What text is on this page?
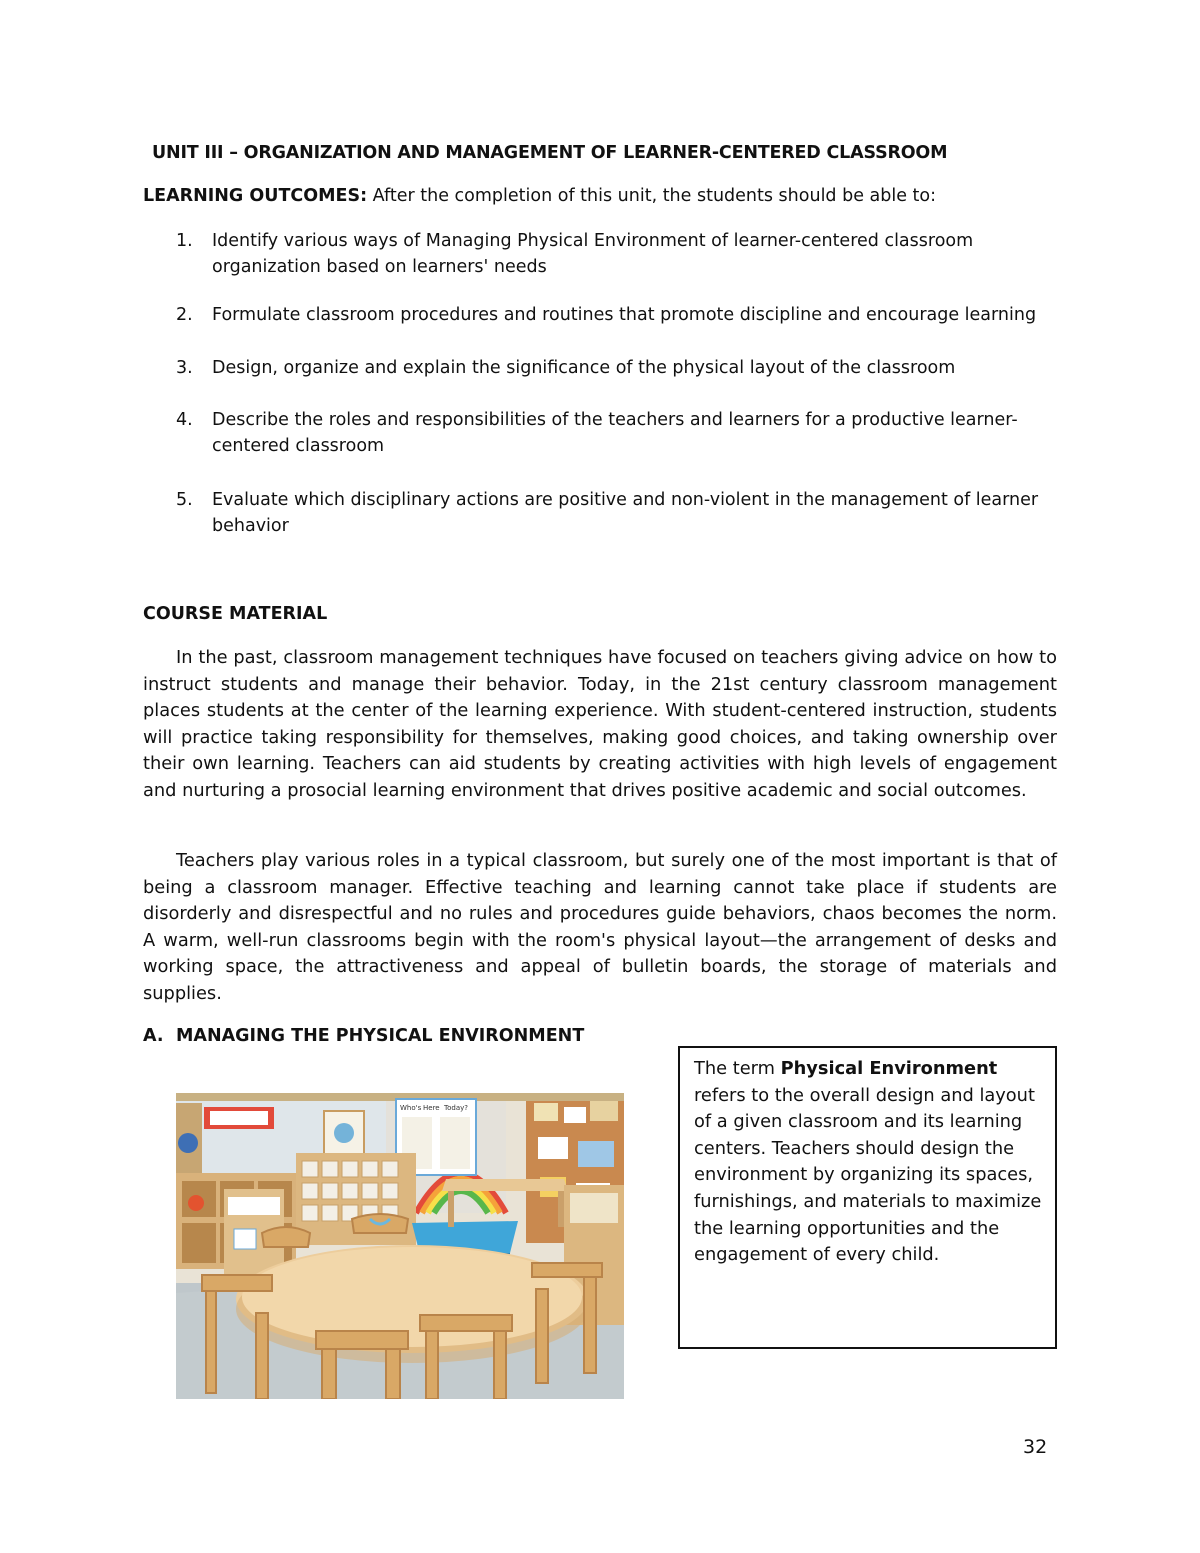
UNIT III – ORGANIZATION AND MANAGEMENT OF LEARNER-CENTERED CLASSROOM
LEARNING OUTCOMES: After the completion of this unit, the students should be able to:
1. Identify various ways of Managing Physical Environment of learner-centered classroom organization based on learners' needs
2. Formulate classroom procedures and routines that promote discipline and encourage learning
3. Design, organize and explain the significance of the physical layout of the classroom
4. Describe the roles and responsibilities of the teachers and learners for a productive learner-centered classroom
5. Evaluate which disciplinary actions are positive and non-violent in the management of learner behavior
COURSE MATERIAL

In the past, classroom management techniques have focused on teachers giving advice on how to instruct students and manage their behavior. Today, in the 21st century classroom management places students at the center of the learning experience. With student-centered instruction, students will practice taking responsibility for themselves, making good choices, and taking ownership over their own learning. Teachers can aid students by creating activities with high levels of engagement and nurturing a prosocial learning environment that drives positive academic and social outcomes.

Teachers play various roles in a typical classroom, but surely one of the most important is that of being a classroom manager. Effective teaching and learning cannot take place if students are disorderly and disrespectful and no rules and procedures guide behaviors, chaos becomes the norm. A warm, well-run classrooms begin with the room's physical layout—the arrangement of desks and working space, the attractiveness and appeal of bulletin boards, the storage of materials and supplies.

A. MANAGING THE PHYSICAL ENVIRONMENT
Who's Here Today?
The term Physical Environment refers to the overall design and layout of a given classroom and its learning centers. Teachers should design the environment by organizing its spaces, furnishings, and materials to maximize the learning opportunities and the engagement of every child.
32
